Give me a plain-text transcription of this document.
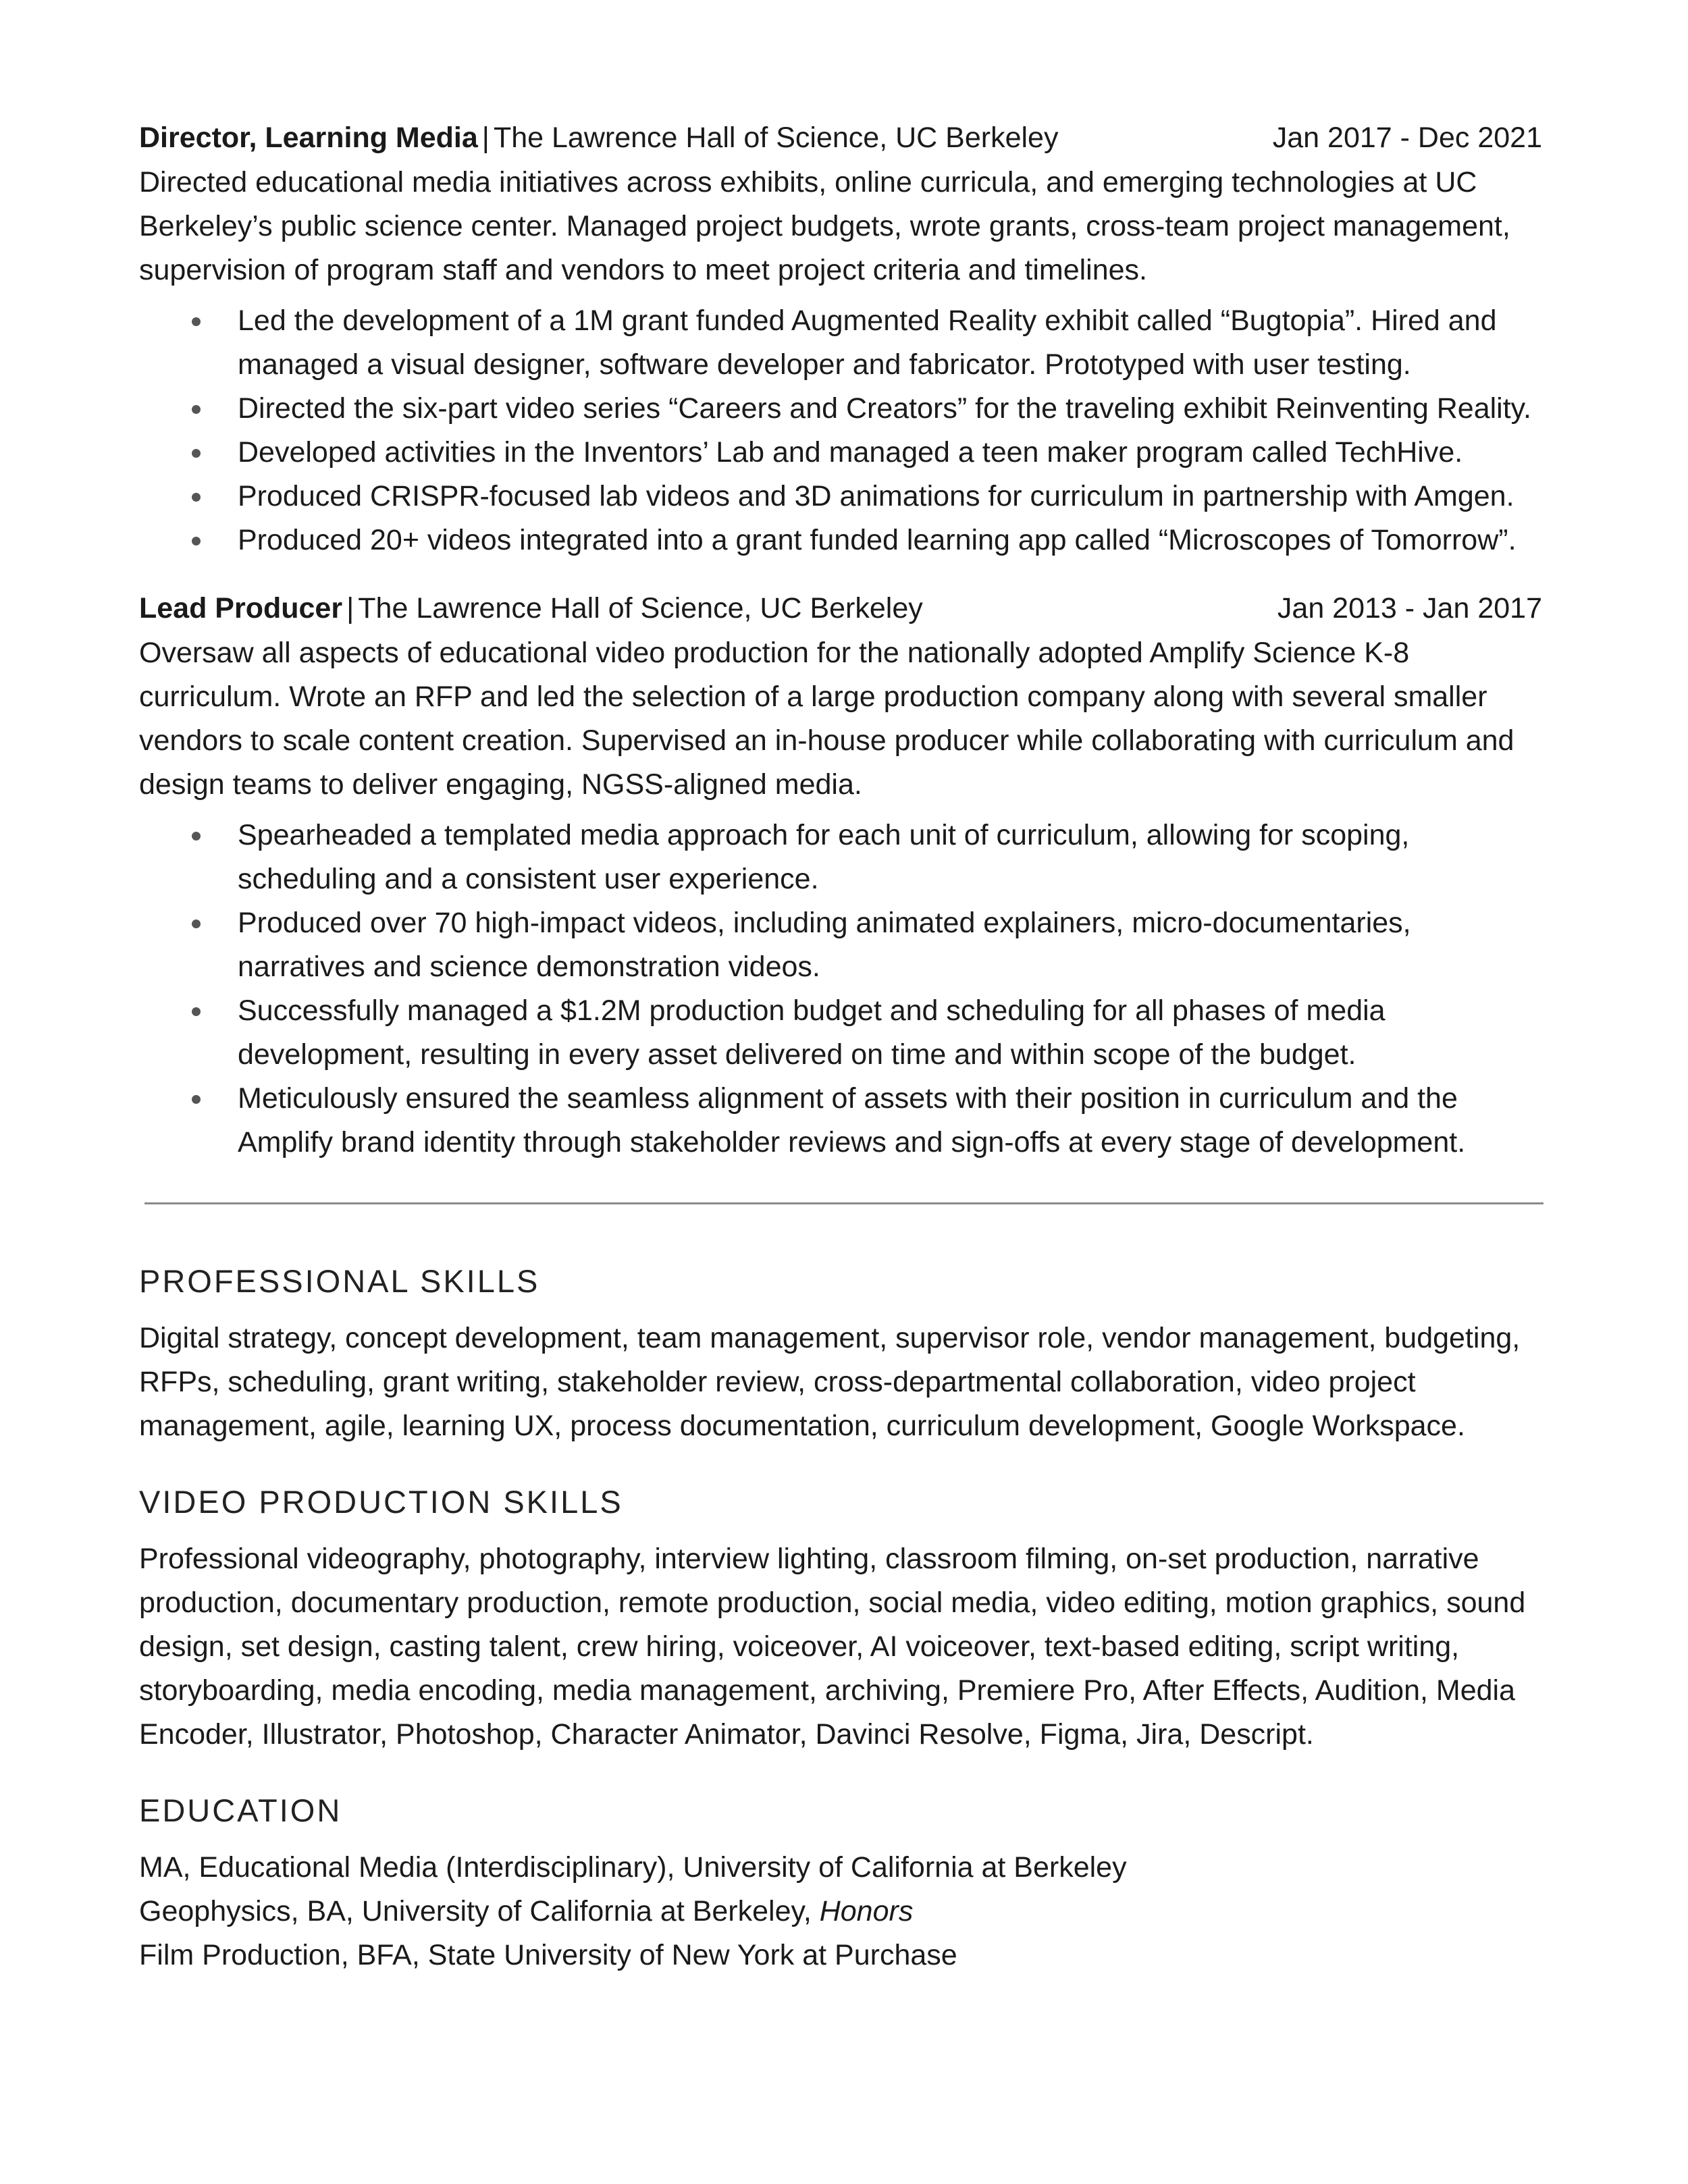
Director, Learning Media | The Lawrence Hall of Science, UC Berkeley	Jan 2017 - Dec 2021

Directed educational media initiatives across exhibits, online curricula, and emerging technologies at UC Berkeley’s public science center. Managed project budgets, wrote grants, cross-team project management, supervision of program staff and vendors to meet project criteria and timelines.

Led the development of a 1M grant funded Augmented Reality exhibit called “Bugtopia”. Hired and managed a visual designer, software developer and fabricator. Prototyped with user testing.
Directed the six-part video series “Careers and Creators” for the traveling exhibit Reinventing Reality.
Developed activities in the Inventors’ Lab and managed a teen maker program called TechHive.
Produced CRISPR-focused lab videos and 3D animations for curriculum in partnership with Amgen.
Produced 20+ videos integrated into a grant funded learning app called “Microscopes of Tomorrow”.
Lead Producer | The Lawrence Hall of Science, UC Berkeley	Jan 2013 - Jan 2017

Oversaw all aspects of educational video production for the nationally adopted Amplify Science K-8 curriculum. Wrote an RFP and led the selection of a large production company along with several smaller vendors to scale content creation. Supervised an in-house producer while collaborating with curriculum and design teams to deliver engaging, NGSS-aligned media.

Spearheaded a templated media approach for each unit of curriculum, allowing for scoping, scheduling and a consistent user experience.
Produced over 70 high-impact videos, including animated explainers, micro-documentaries, narratives and science demonstration videos.
Successfully managed a $1.2M production budget and scheduling for all phases of media development, resulting in every asset delivered on time and within scope of the budget.
Meticulously ensured the seamless alignment of assets with their position in curriculum and the Amplify brand identity through stakeholder reviews and sign-offs at every stage of development.
PROFESSIONAL SKILLS

Digital strategy, concept development, team management, supervisor role, vendor management, budgeting, RFPs, scheduling, grant writing, stakeholder review, cross-departmental collaboration, video project management, agile, learning UX, process documentation, curriculum development, Google Workspace.

VIDEO PRODUCTION SKILLS

Professional videography, photography, interview lighting, classroom filming, on-set production, narrative production, documentary production, remote production, social media, video editing, motion graphics, sound design, set design, casting talent, crew hiring, voiceover, AI voiceover, text-based editing, script writing, storyboarding, media encoding, media management, archiving, Premiere Pro, After Effects, Audition, Media Encoder, Illustrator, Photoshop, Character Animator, Davinci Resolve, Figma, Jira, Descript.

EDUCATION
MA, Educational Media (Interdisciplinary), University of California at Berkeley
Geophysics, BA, University of California at Berkeley, Honors
Film Production, BFA, State University of New York at Purchase
